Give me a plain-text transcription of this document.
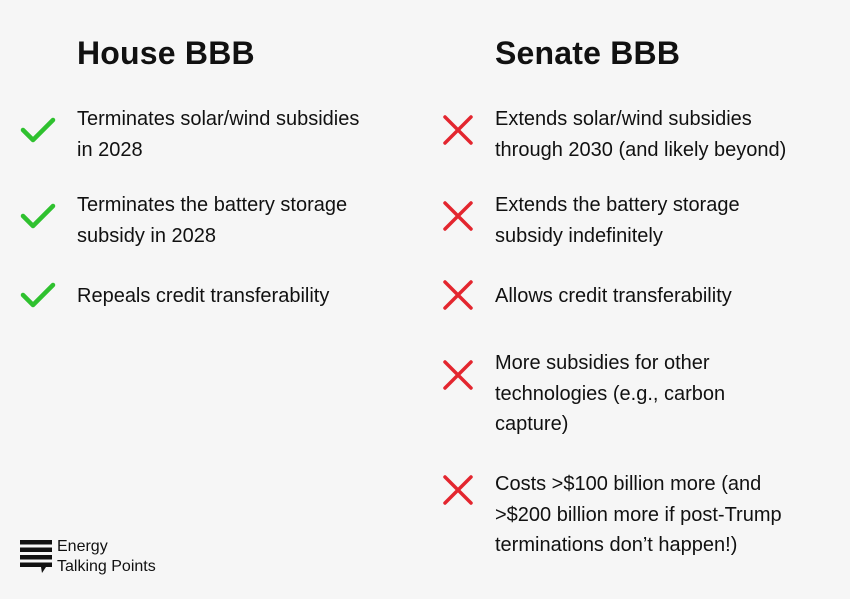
House BBB	Senate BBB
Terminates solar/wind subsidies
in 2028
Terminates the battery storage
subsidy in 2028
Repeals credit transferability
Extends solar/wind subsidies
through 2030 (and likely beyond)
Extends the battery storage
subsidy indefinitely
Allows credit transferability
More subsidies for other
technologies (e.g., carbon
capture)
Costs >$100 billion more (and
>$200 billion more if post-Trump
terminations don’t happen!)
Energy
Talking Points
